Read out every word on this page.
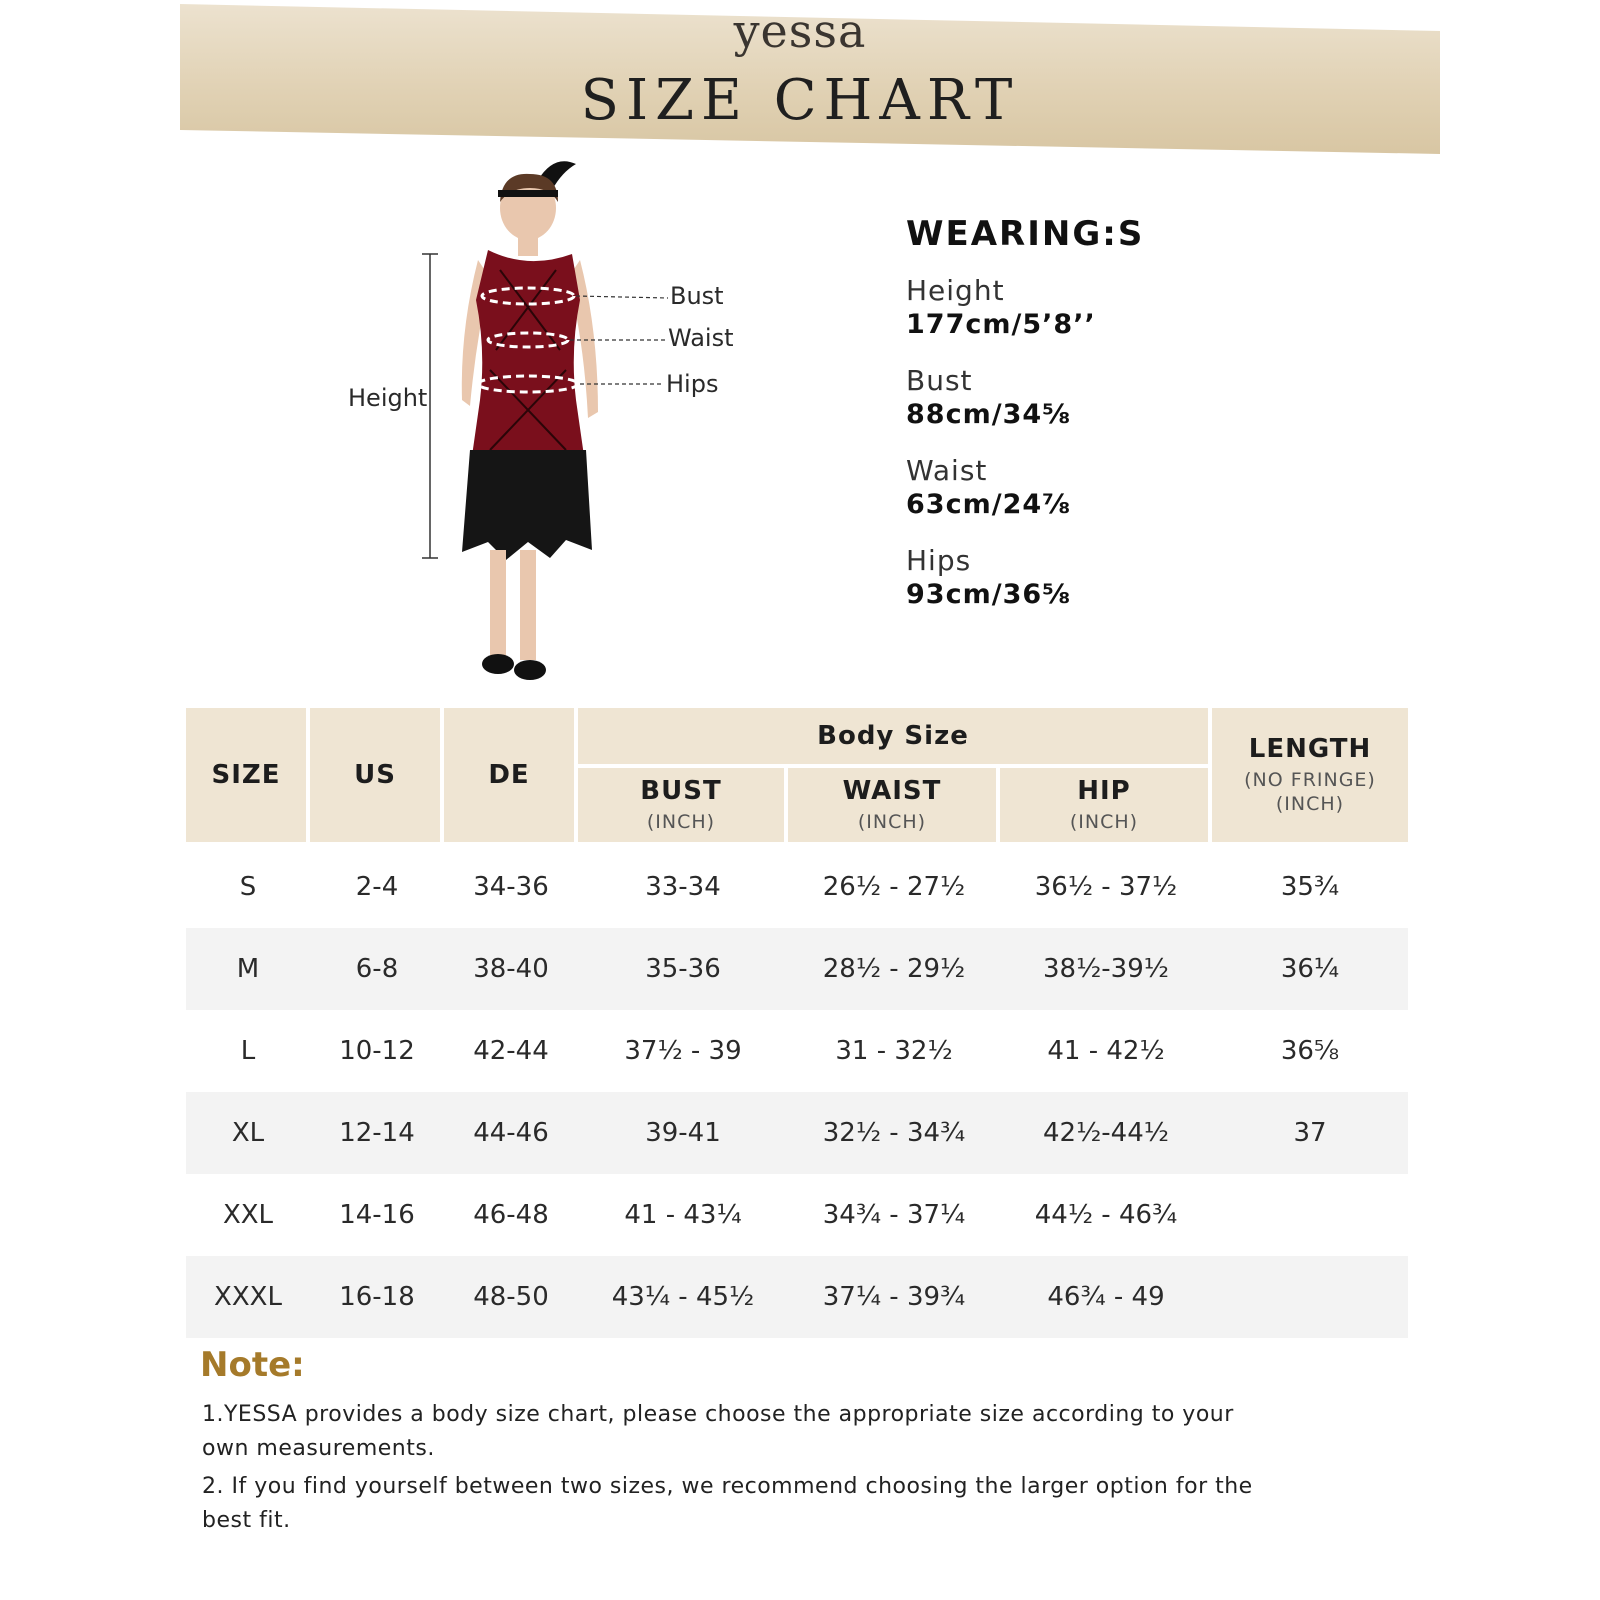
yessa
SIZE CHART
Height
Bust
Waist
Hips
WEARING:S
Height
177cm/5’8’’
Bust
88cm/34⅝
Waist
63cm/24⅞
Hips
93cm/36⅝
SIZE	US	DE
Body Size
BUST
(INCH)
WAIST
(INCH)
HIP
(INCH)
LENGTH
(NO FRINGE)
(INCH)
S	2-4	34-36	33-34	26½ - 27½	36½ - 37½	35¾
M	6-8	38-40	35-36	28½ - 29½	38½-39½	36¼
L	10-12	42-44	37½ - 39	31 - 32½	41 - 42½	36⅝
XL	12-14	44-46	39-41	32½ - 34¾	42½-44½	37
XXL	14-16	46-48	41 - 43¼	34¾ - 37¼	44½ - 46¾
XXXL	16-18	48-50	43¼ - 45½	37¼ - 39¾	46¾ - 49
Note:
1.YESSA provides a body size chart, please choose the appropriate size according to your
own measurements.
2. If you find yourself between two sizes, we recommend choosing the larger option for the
best fit.
